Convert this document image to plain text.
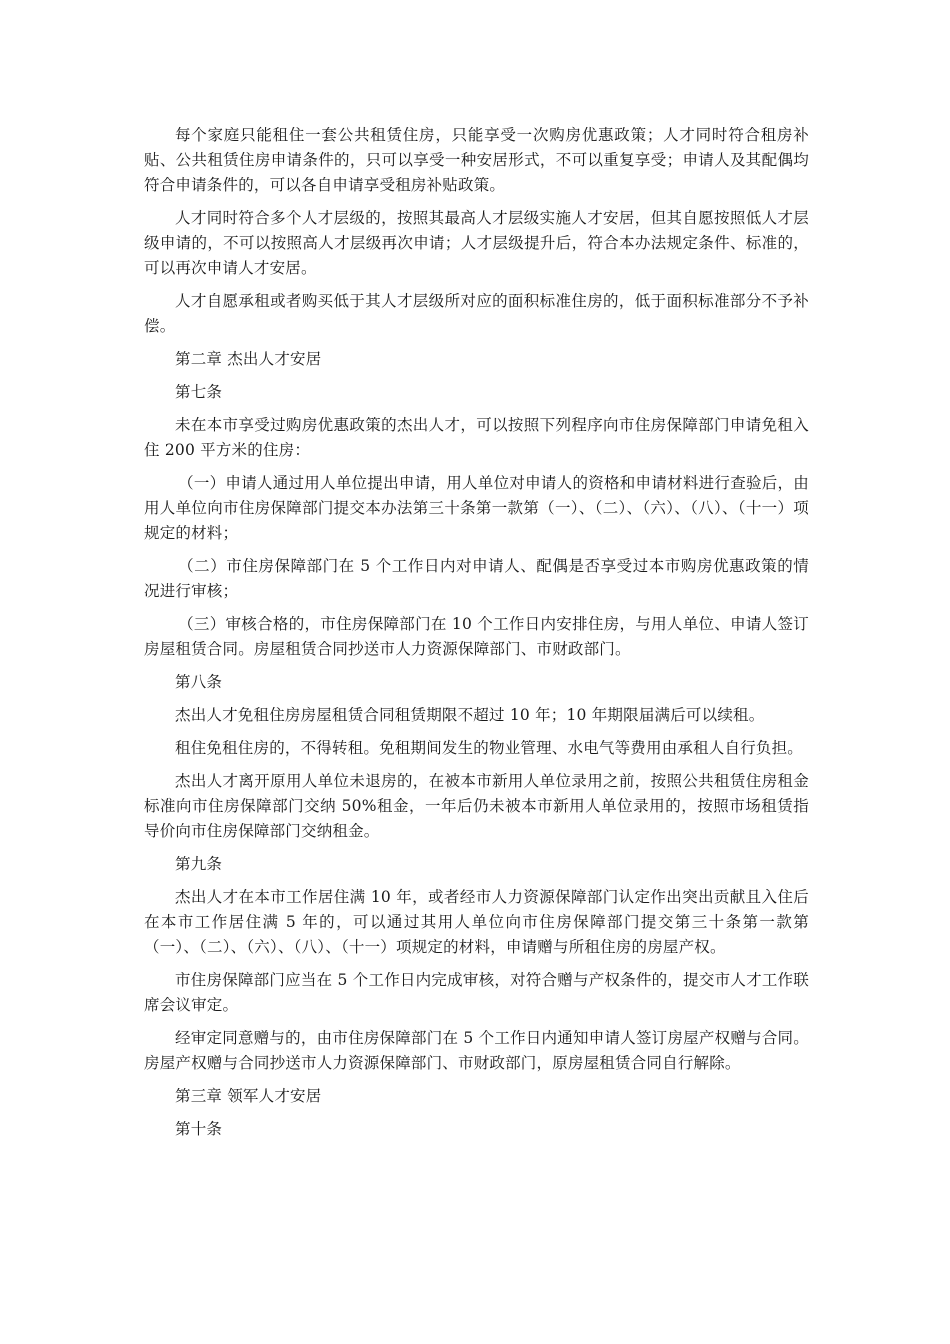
每个家庭只能租住一套公共租赁住房，只能享受一次购房优惠政策；人才同时符合租房补贴、公共租赁住房申请条件的，只可以享受一种安居形式，不可以重复享受；申请人及其配偶均符合申请条件的，可以各自申请享受租房补贴政策。

人才同时符合多个人才层级的，按照其最高人才层级实施人才安居，但其自愿按照低人才层级申请的，不可以按照高人才层级再次申请；人才层级提升后，符合本办法规定条件、标准的，可以再次申请人才安居。

人才自愿承租或者购买低于其人才层级所对应的面积标准住房的，低于面积标准部分不予补偿。

第二章 杰出人才安居

第七条

未在本市享受过购房优惠政策的杰出人才，可以按照下列程序向市住房保障部门申请免租入住 200 平方米的住房：

（一）申请人通过用人单位提出申请，用人单位对申请人的资格和申请材料进行查验后，由用人单位向市住房保障部门提交本办法第三十条第一款第（一）、（二）、（六）、（八）、（十一）项规定的材料；

（二）市住房保障部门在 5 个工作日内对申请人、配偶是否享受过本市购房优惠政策的情况进行审核；

（三）审核合格的，市住房保障部门在 10 个工作日内安排住房，与用人单位、申请人签订房屋租赁合同。房屋租赁合同抄送市人力资源保障部门、市财政部门。

第八条

杰出人才免租住房房屋租赁合同租赁期限不超过 10 年；10 年期限届满后可以续租。

租住免租住房的，不得转租。免租期间发生的物业管理、水电气等费用由承租人自行负担。

杰出人才离开原用人单位未退房的，在被本市新用人单位录用之前，按照公共租赁住房租金标准向市住房保障部门交纳 50%租金，一年后仍未被本市新用人单位录用的，按照市场租赁指导价向市住房保障部门交纳租金。

第九条

杰出人才在本市工作居住满 10 年，或者经市人力资源保障部门认定作出突出贡献且入住后在本市工作居住满 5 年的，可以通过其用人单位向市住房保障部门提交第三十条第一款第（一）、（二）、（六）、（八）、（十一）项规定的材料，申请赠与所租住房的房屋产权。

市住房保障部门应当在 5 个工作日内完成审核，对符合赠与产权条件的，提交市人才工作联席会议审定。

经审定同意赠与的，由市住房保障部门在 5 个工作日内通知申请人签订房屋产权赠与合同。房屋产权赠与合同抄送市人力资源保障部门、市财政部门，原房屋租赁合同自行解除。

第三章 领军人才安居

第十条
